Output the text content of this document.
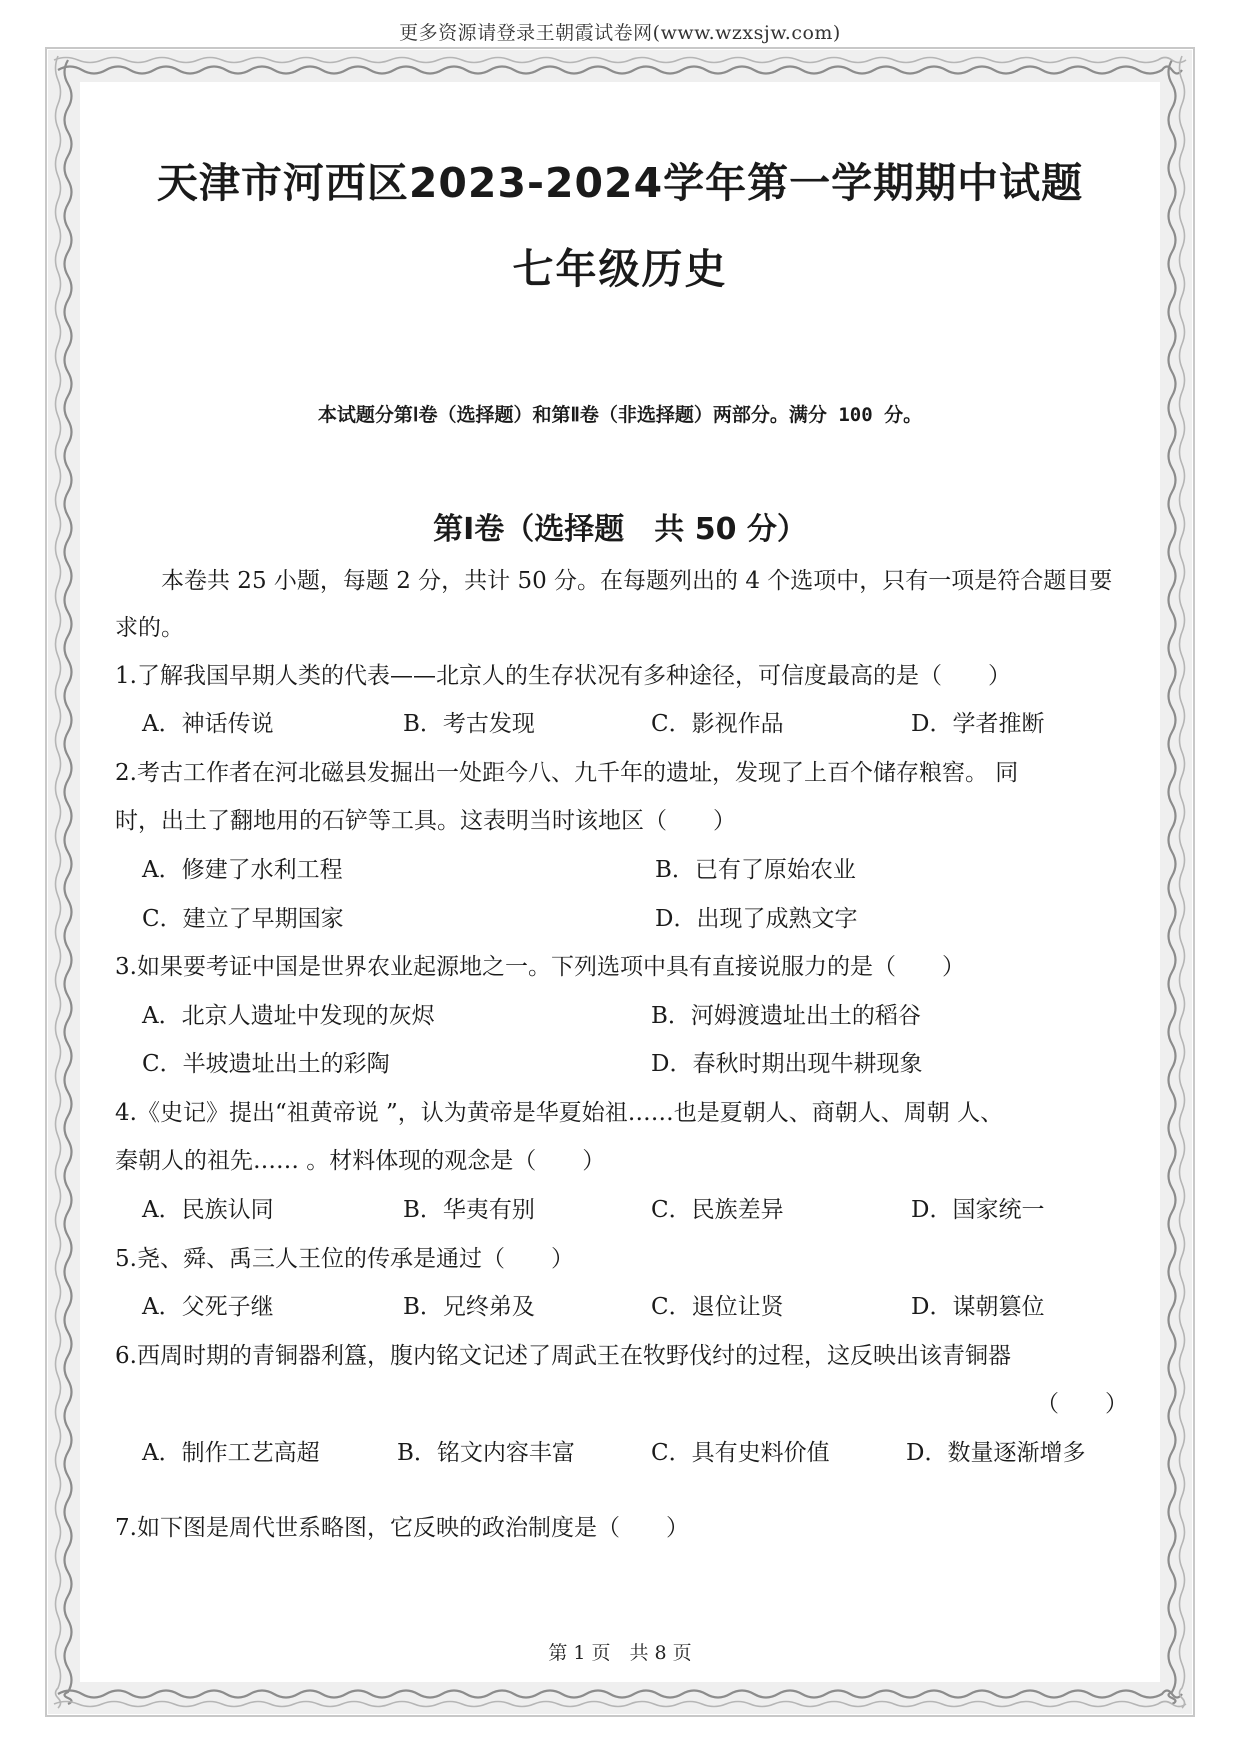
更多资源请登录王朝霞试卷网(www.wzxsjw.com)
天津市河西区2023-2024学年第一学期期中试题
七年级历史
本试题分第Ⅰ卷（选择题）和第Ⅱ卷（非选择题）两部分。满分 100 分。
第Ⅰ卷（选择题　共 50 分）
　　本卷共 25 小题，每题 2 分，共计 50 分。在每题列出的 4 个选项中，只有一项是符合题目要
求的。
1.了解我国早期人类的代表——北京人的生存状况有多种途径，可信度最高的是（　　）
A．神话传说	B．考古发现	C．影视作品	D．学者推断
2.考古工作者在河北磁县发掘出一处距今八、九千年的遗址，发现了上百个储存粮窖。 同
时，出土了翻地用的石铲等工具。这表明当时该地区（　　）
A．修建了水利工程	B．已有了原始农业
C．建立了早期国家	D．出现了成熟文字
3.如果要考证中国是世界农业起源地之一。下列选项中具有直接说服力的是（　　）
A．北京人遗址中发现的灰烬	B．河姆渡遗址出土的稻谷
C．半坡遗址出土的彩陶	D．春秋时期出现牛耕现象
4.《史记》提出“祖黄帝说 ”，认为黄帝是华夏始祖……也是夏朝人、商朝人、周朝 人、
秦朝人的祖先…… 。材料体现的观念是（　　）
A．民族认同	B．华夷有别	C．民族差异	D．国家统一
5.尧、舜、禹三人王位的传承是通过（　　）
A．父死子继	B．兄终弟及	C．退位让贤	D．谋朝篡位
6.西周时期的青铜器利簋，腹内铭文记述了周武王在牧野伐纣的过程，这反映出该青铜器
（　　）
A．制作工艺高超	B．铭文内容丰富	C．具有史料价值	D．数量逐渐增多
7.如下图是周代世系略图，它反映的政治制度是（　　）
第 1 页　共 8 页
